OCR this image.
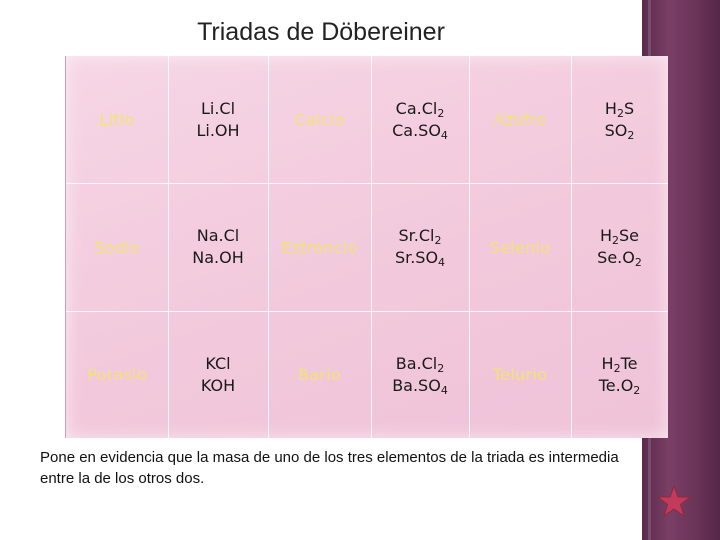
Triadas de Döbereiner
Litio
Li.Cl
Li.OH
Calcio
$Ca.Cl_2$
$Ca.SO_4$
Azufre
$H_2S$
$SO_2$
Sodio
Na.Cl
Na.OH
Estroncio
$Sr.Cl_2$
$Sr.SO_4$
Selenio
$H_2Se$
$Se.O_2$
Potasio
KCl
KOH
Bario
$Ba.Cl_2$
$Ba.SO_4$
Telurio
$H_2Te$
$Te.O_2$
Pone en evidencia que la masa de uno de los tres elementos de la triada es intermedia entre la de los otros dos.
